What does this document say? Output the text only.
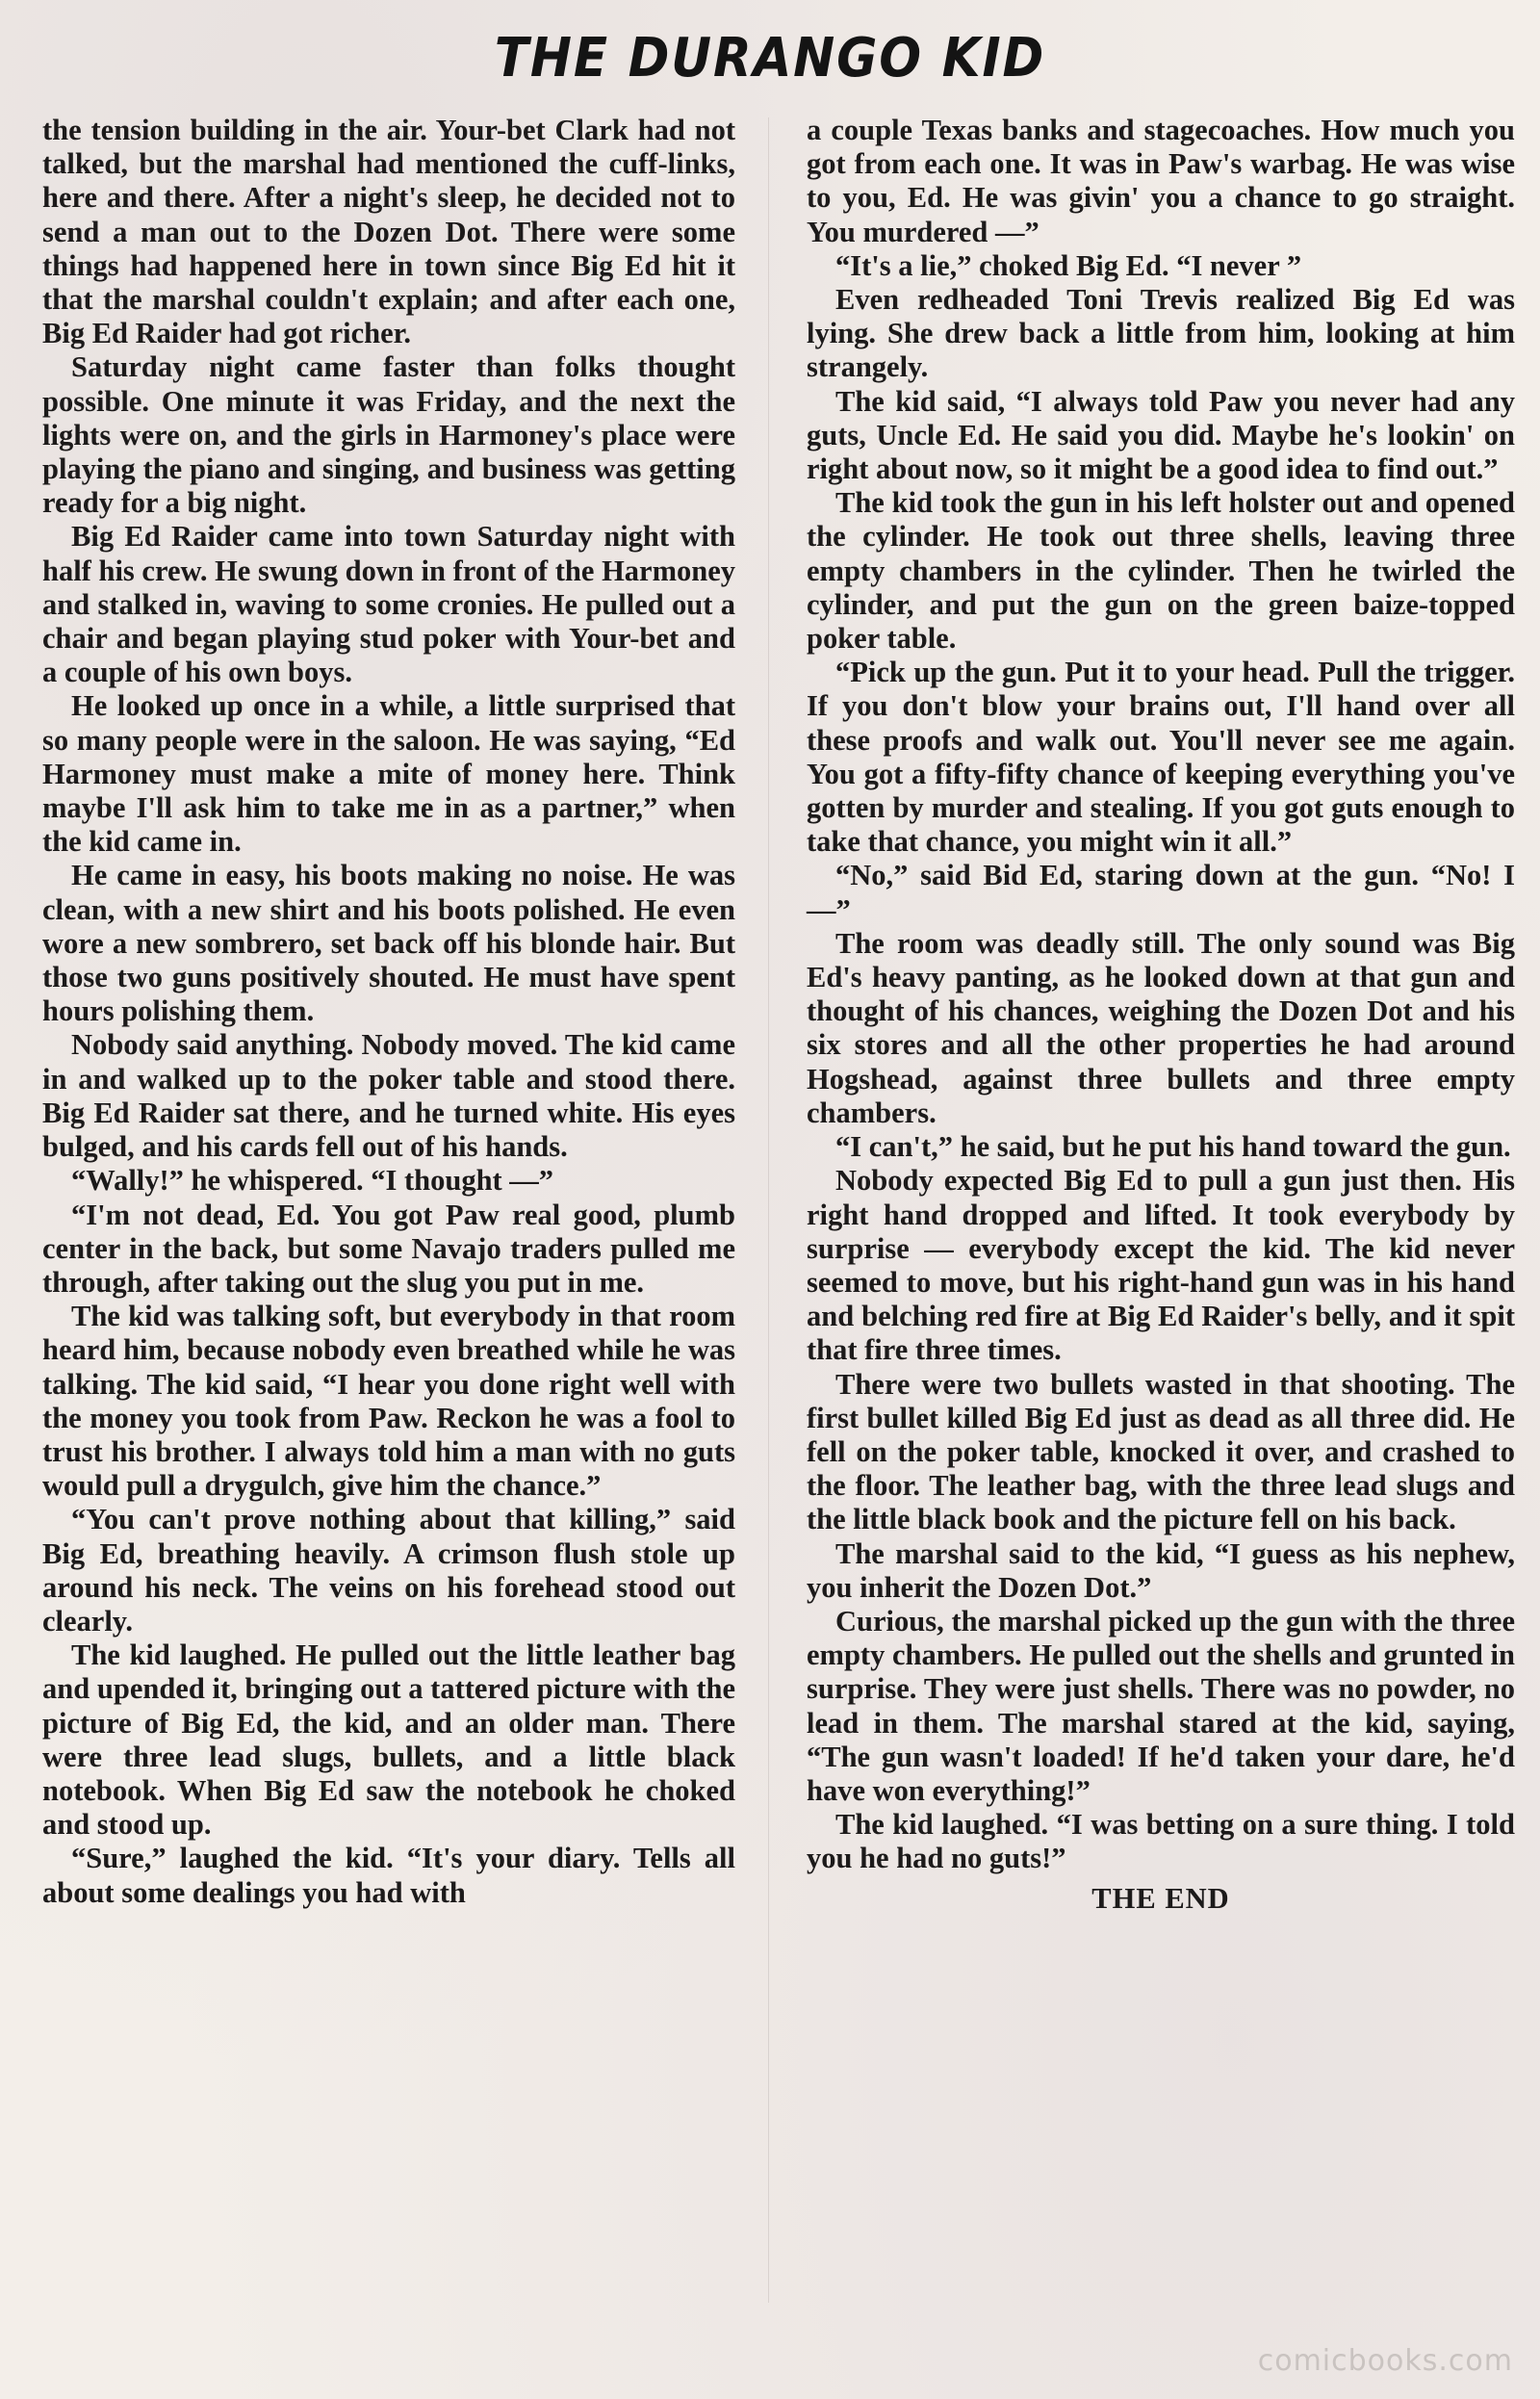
THE DURANGO KID

the tension building in the air. Your-bet Clark had not talked, but the marshal had mentioned the cuff-links, here and there. After a night's sleep, he decided not to send a man out to the Dozen Dot. There were some things had happened here in town since Big Ed hit it that the marshal couldn't explain; and after each one, Big Ed Raider had got richer.

Saturday night came faster than folks thought possible. One minute it was Friday, and the next the lights were on, and the girls in Harmoney's place were playing the piano and singing, and business was getting ready for a big night.

Big Ed Raider came into town Saturday night with half his crew. He swung down in front of the Harmoney and stalked in, waving to some cronies. He pulled out a chair and began playing stud poker with Your-bet and a couple of his own boys.

He looked up once in a while, a little surprised that so many people were in the saloon. He was saying, “Ed Harmoney must make a mite of money here. Think maybe I'll ask him to take me in as a partner,” when the kid came in.

He came in easy, his boots making no noise. He was clean, with a new shirt and his boots polished. He even wore a new sombrero, set back off his blonde hair. But those two guns positively shouted. He must have spent hours polishing them.

Nobody said anything. Nobody moved. The kid came in and walked up to the poker table and stood there. Big Ed Raider sat there, and he turned white. His eyes bulged, and his cards fell out of his hands.

“Wally!” he whispered. “I thought —”

“I'm not dead, Ed. You got Paw real good, plumb center in the back, but some Navajo traders pulled me through, after taking out the slug you put in me.

The kid was talking soft, but everybody in that room heard him, because nobody even breathed while he was talking. The kid said, “I hear you done right well with the money you took from Paw. Reckon he was a fool to trust his brother. I always told him a man with no guts would pull a drygulch, give him the chance.”

“You can't prove nothing about that killing,” said Big Ed, breathing heavily. A crimson flush stole up around his neck. The veins on his forehead stood out clearly.

The kid laughed. He pulled out the little leather bag and upended it, bringing out a tattered picture with the picture of Big Ed, the kid, and an older man. There were three lead slugs, bullets, and a little black notebook. When Big Ed saw the notebook he choked and stood up.

“Sure,” laughed the kid. “It's your diary. Tells all about some dealings you had with

a couple Texas banks and stagecoaches. How much you got from each one. It was in Paw's warbag. He was wise to you, Ed. He was givin' you a chance to go straight. You murdered —”

“It's a lie,” choked Big Ed. “I never ”

Even redheaded Toni Trevis realized Big Ed was lying. She drew back a little from him, looking at him strangely.

The kid said, “I always told Paw you never had any guts, Uncle Ed. He said you did. Maybe he's lookin' on right about now, so it might be a good idea to find out.”

The kid took the gun in his left holster out and opened the cylinder. He took out three shells, leaving three empty chambers in the cylinder. Then he twirled the cylinder, and put the gun on the green baize-topped poker table.

“Pick up the gun. Put it to your head. Pull the trigger. If you don't blow your brains out, I'll hand over all these proofs and walk out. You'll never see me again. You got a fifty-fifty chance of keeping everything you've gotten by murder and stealing. If you got guts enough to take that chance, you might win it all.”

“No,” said Bid Ed, staring down at the gun. “No! I —”

The room was deadly still. The only sound was Big Ed's heavy panting, as he looked down at that gun and thought of his chances, weighing the Dozen Dot and his six stores and all the other properties he had around Hogshead, against three bullets and three empty chambers.

“I can't,” he said, but he put his hand toward the gun.

Nobody expected Big Ed to pull a gun just then. His right hand dropped and lifted. It took everybody by surprise — everybody except the kid. The kid never seemed to move, but his right-hand gun was in his hand and belching red fire at Big Ed Raider's belly, and it spit that fire three times.

There were two bullets wasted in that shooting. The first bullet killed Big Ed just as dead as all three did. He fell on the poker table, knocked it over, and crashed to the floor. The leather bag, with the three lead slugs and the little black book and the picture fell on his back.

The marshal said to the kid, “I guess as his nephew, you inherit the Dozen Dot.”

Curious, the marshal picked up the gun with the three empty chambers. He pulled out the shells and grunted in surprise. They were just shells. There was no powder, no lead in them. The marshal stared at the kid, saying, “The gun wasn't loaded! If he'd taken your dare, he'd have won everything!”

The kid laughed. “I was betting on a sure thing. I told you he had no guts!”

THE END

comicbooks.com
